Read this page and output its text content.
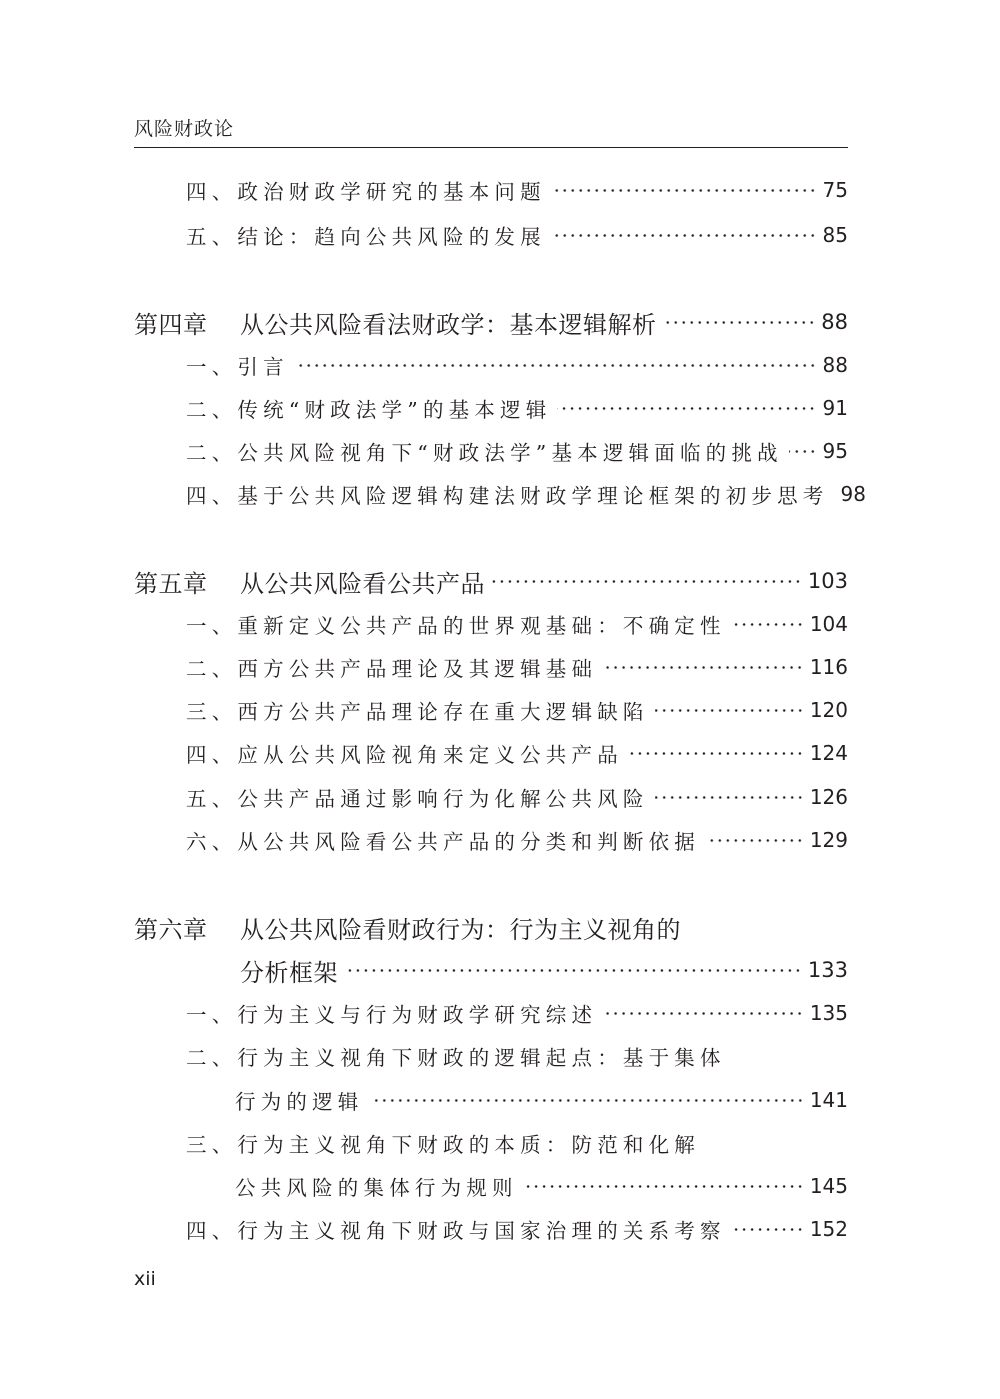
风险财政论
四、政治财政学研究的基本问题	75
五、结论：趋向公共风险的发展	85
第四章	从公共风险看法财政学：基本逻辑解析	88
一、引言	88
二、传统“财政法学”的基本逻辑	91
二、公共风险视角下“财政法学”基本逻辑面临的挑战 95
四、基于公共风险逻辑构建法财政学理论框架的初步思考 98
第五章	从公共风险看公共产品	103
一、重新定义公共产品的世界观基础：不确定性	104
二、西方公共产品理论及其逻辑基础	116
三、西方公共产品理论存在重大逻辑缺陷	120
四、应从公共风险视角来定义公共产品	124
五、公共产品通过影响行为化解公共风险	126
六、从公共风险看公共产品的分类和判断依据	129
第六章	从公共风险看财政行为：行为主义视角的
分析框架	133
一、行为主义与行为财政学研究综述	135
二、行为主义视角下财政的逻辑起点：基于集体
行为的逻辑	141
三、行为主义视角下财政的本质：防范和化解
公共风险的集体行为规则	145
四、行为主义视角下财政与国家治理的关系考察	152
xii
